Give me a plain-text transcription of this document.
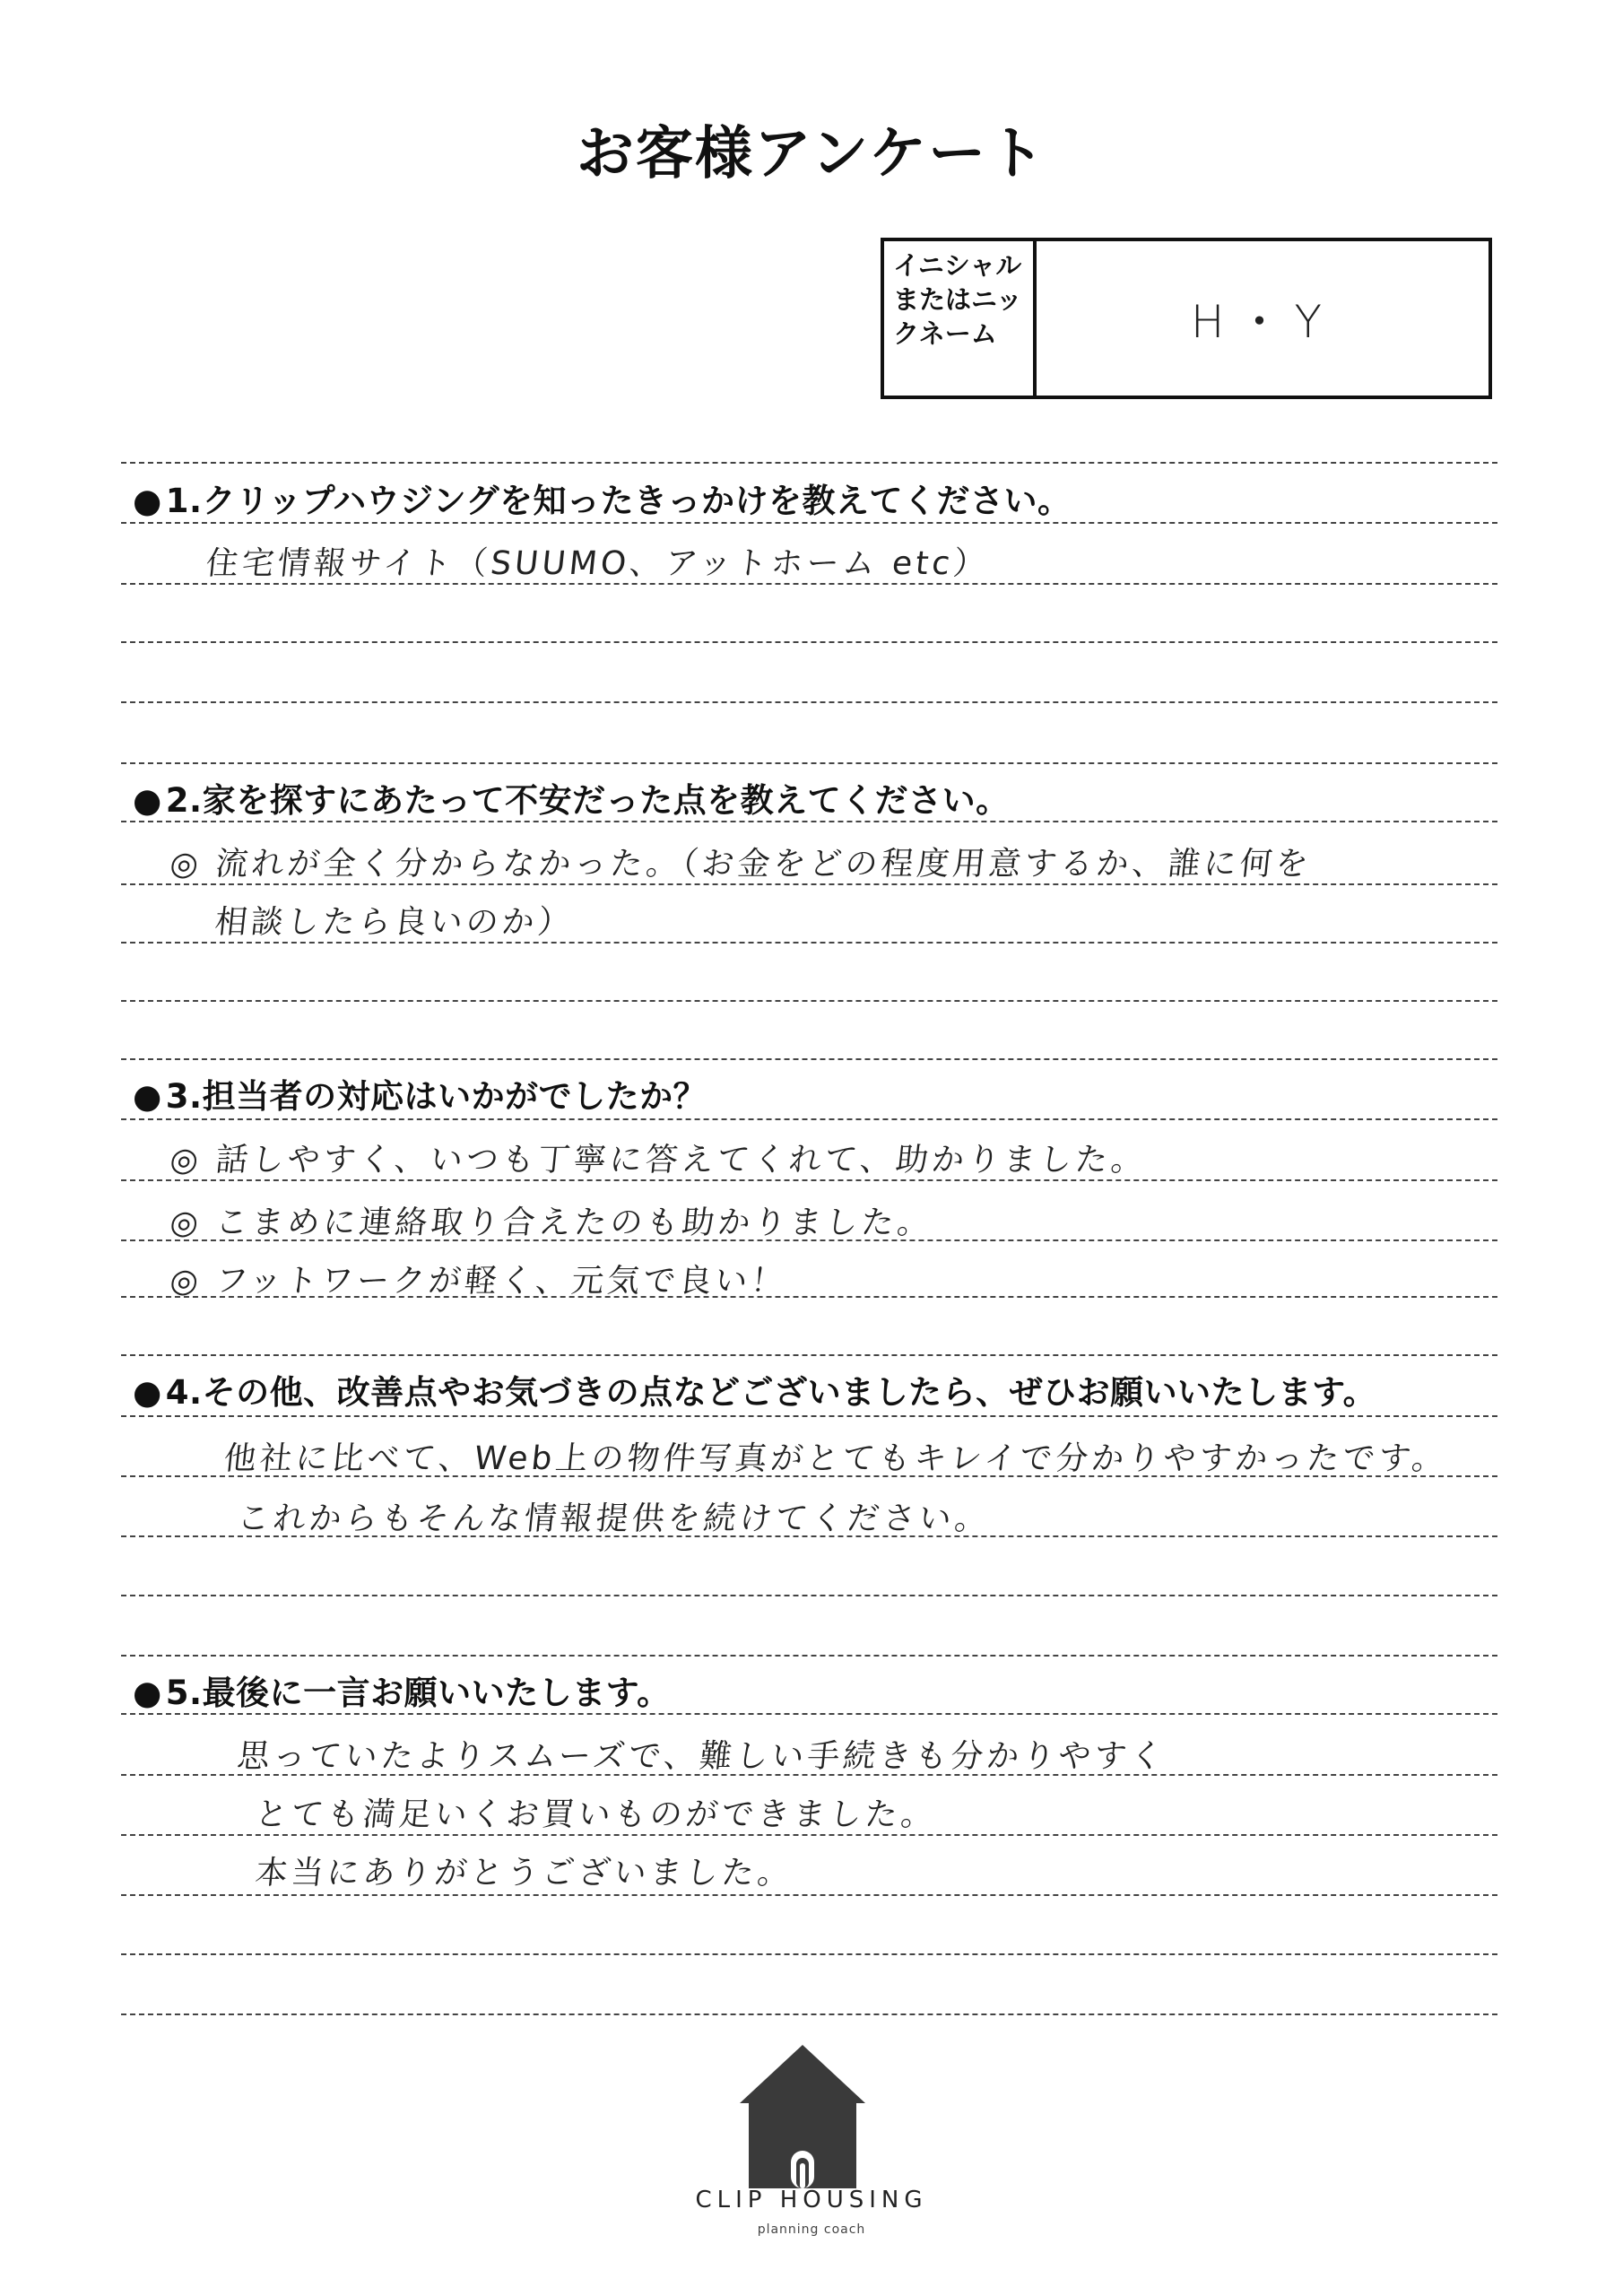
お客様アンケート
イニシャルまたはニックネーム	H・Y
● 1.クリップハウジングを知ったきっかけを教えてください。
住宅情報サイト（SUUMO、アットホーム etc）
● 2.家を探すにあたって不安だった点を教えてください。
◎ 流れが全く分からなかった。（お金をどの程度用意するか、誰に何を
相談したら良いのか）
● 3.担当者の対応はいかがでしたか？
◎ 話しやすく、いつも丁寧に答えてくれて、助かりました。
◎ こまめに連絡取り合えたのも助かりました。
◎ フットワークが軽く、元気で良い！
● 4.その他、改善点やお気づきの点などございましたら、ぜひお願いいたします。
他社に比べて、Web上の物件写真がとてもキレイで分かりやすかったです。
これからもそんな情報提供を続けてください。
● 5.最後に一言お願いいたします。
思っていたよりスムーズで、難しい手続きも分かりやすく
とても満足いくお買いものができました。
本当にありがとうございました。
CLIP HOUSING
planning coach
